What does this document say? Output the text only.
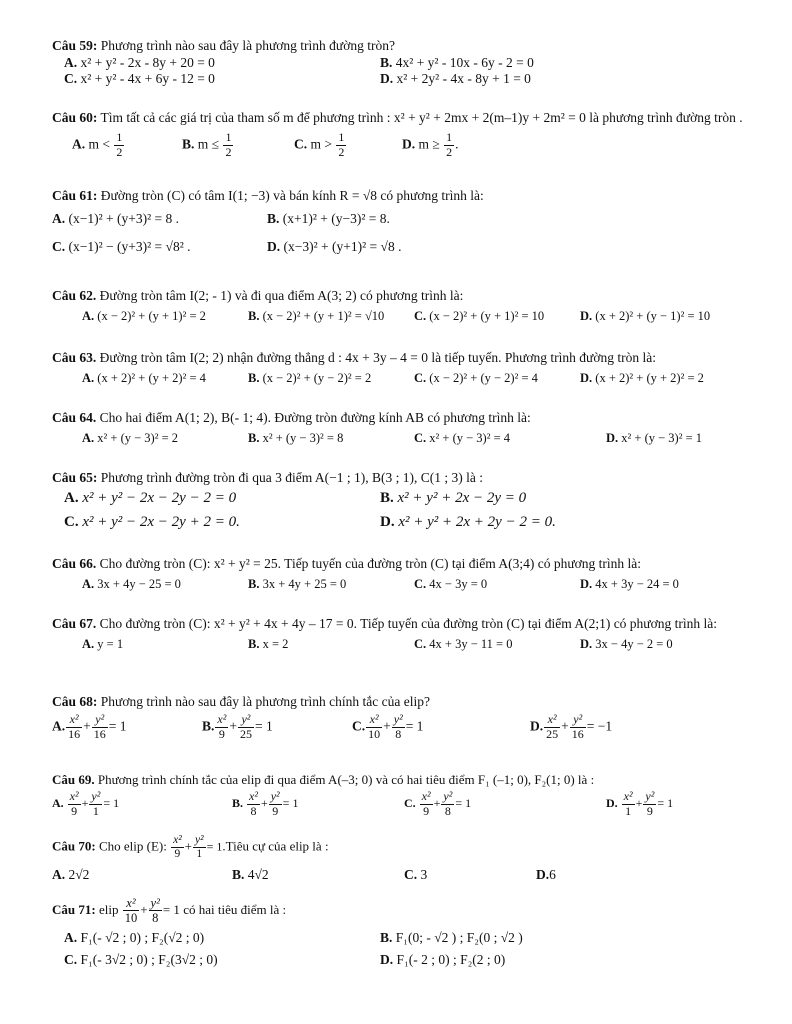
Câu 59: Phương trình nào sau đây là phương trình đường tròn?
A. x² + y² - 2x - 8y + 20 = 0	B. 4x² + y² - 10x - 6y - 2 = 0
C. x² + y² - 4x + 6y - 12 = 0	D. x² + 2y² - 4x - 8y + 1 = 0
Câu 60: Tìm tất cả các giá trị của tham số m để phương trình : x² + y² + 2mx + 2(m–1)y + 2m² = 0 là phương trình đường tròn .
A. $m < \frac{1}{2}$	B. $m \le \frac{1}{2}$	C. $m > \frac{1}{2}$	D. $m \ge \frac{1}{2}$ .
Câu 61: Đường tròn (C) có tâm I(1; −3) và bán kính R = √8 có phương trình là:
A. (x−1)² + (y+3)² = 8 .	B. (x+1)² + (y−3)² = 8.
C. (x−1)² − (y+3)² = √8² .	D. (x−3)² + (y+1)² = √8 .
Câu 62. Đường tròn tâm I(2; - 1) và đi qua điểm A(3; 2) có phương trình là:
A. (x − 2)² + (y + 1)² = 2	B. (x − 2)² + (y + 1)² = √10 C. (x − 2)² + (y + 1)² = 10	D. (x + 2)² + (y − 1)² = 10
Câu 63. Đường tròn tâm I(2; 2) nhận đường thẳng d : 4x + 3y – 4 = 0 là tiếp tuyến. Phương trình đường tròn là:
A. (x + 2)² + (y + 2)² = 4	B. (x − 2)² + (y − 2)² = 2	C. (x − 2)² + (y − 2)² = 4	D. (x + 2)² + (y + 2)² = 2
Câu 64. Cho hai điểm A(1; 2), B(- 1; 4). Đường tròn đường kính AB có phương trình là:
A. x² + (y − 3)² = 2	B. x² + (y − 3)² = 8	C. x² + (y − 3)² = 4	D. x² + (y − 3)² = 1
Câu 65: Phương trình đường tròn đi qua 3 điểm A(−1 ; 1), B(3 ; 1), C(1 ; 3) là :
A. x² + y² − 2x − 2y − 2 = 0	B. x² + y² + 2x − 2y = 0
C. x² + y² − 2x − 2y + 2 = 0.	D. x² + y² + 2x + 2y − 2 = 0.
Câu 66. Cho đường tròn (C): x² + y² = 25. Tiếp tuyến của đường tròn (C) tại điểm A(3;4) có phương trình là:
A. 3x + 4y − 25 = 0	B. 3x + 4y + 25 = 0	C. 4x − 3y = 0	D. 4x + 3y − 24 = 0
Câu 67. Cho đường tròn (C): x² + y² + 4x + 4y – 17 = 0. Tiếp tuyến của đường tròn (C) tại điểm A(2;1) có phương trình là:
A. y = 1	B. x = 2	C. 4x + 3y − 11 = 0	D. 3x − 4y − 2 = 0
Câu 68: Phương trình nào sau đây là phương trình chính tắc của elip?
A. $\frac{\text{x²}}{16} + \frac{\text{y²}}{16} = 1$	B. $\frac{\text{x²}}{9} + \frac{\text{y²}}{25} = 1$	C. $\frac{\text{x²}}{10} + \frac{\text{y²}}{8} = 1$	D. $\frac{\text{x²}}{25} + \frac{\text{y²}}{16} = -1$
Câu 69. Phương trình chính tắc của elip đi qua điểm A(–3; 0) và có hai tiêu điểm F₁ (–1; 0), F₂(1; 0) là :
A. $\frac{\text{x²}}{9} + \frac{\text{y²}}{1} = 1$	B. $\frac{\text{x²}}{8} + \frac{\text{y²}}{9} = 1$	C. $\frac{\text{x²}}{9} + \frac{\text{y²}}{8} = 1$	D. $\frac{\text{x²}}{1} + \frac{\text{y²}}{9} = 1$
Câu 70: Cho elip (E): $\frac{\text{x²}}{9} + \frac{\text{y²}}{1}$ = 1.Tiêu cự của elip là :
A. 2√2	B. 4√2	C. 3	D.6
Câu 71: elip $\frac{\text{x²}}{10} + \frac{\text{y²}}{8} = 1$ có hai tiêu điểm là :
A. F₁(- √2 ; 0) ; F₂(√2 ; 0)	B. F₁(0; - √2 ) ; F₂(0 ; √2 )
C. F₁(- 3√2 ; 0) ; F₂(3√2 ; 0)	D. F₁(- 2 ; 0) ; F₂(2 ; 0)
